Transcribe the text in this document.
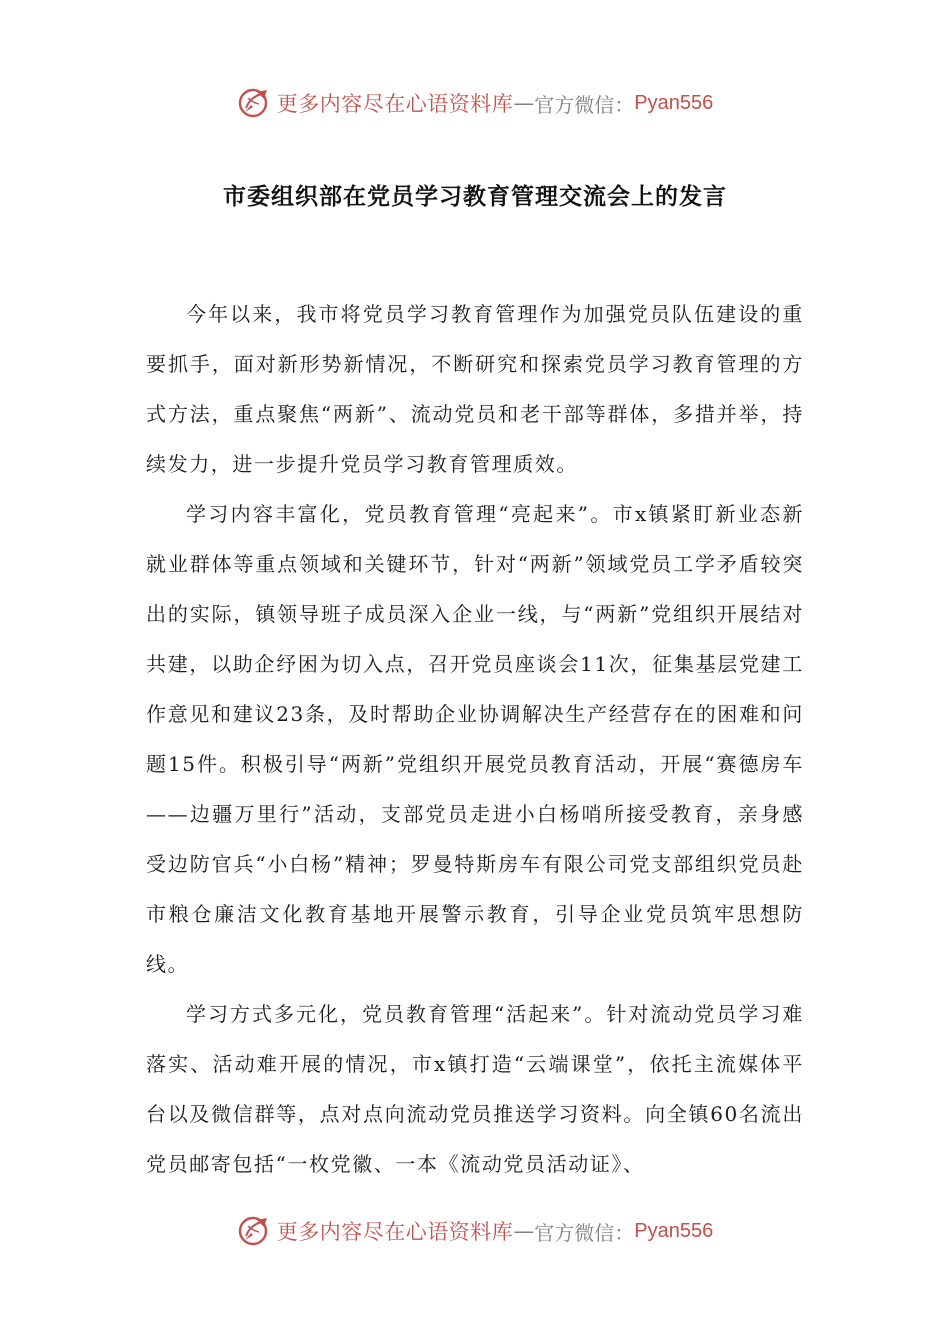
更多内容尽在心语资料库 — 官方微信： Pyan556
市委组织部在党员学习教育管理交流会上的发言

今年以来，我市将党员学习教育管理作为加强党员队伍建设的重要抓手，面对新形势新情况，不断研究和探索党员学习教育管理的方式方法，重点聚焦“两新”、流动党员和老干部等群体，多措并举，持续发力，进一步提升党员学习教育管理质效。

学习内容丰富化，党员教育管理“亮起来”。市x镇紧盯新业态新就业群体等重点领域和关键环节，针对“两新”领域党员工学矛盾较突出的实际，镇领导班子成员深入企业一线，与“两新”党组织开展结对共建，以助企纾困为切入点，召开党员座谈会11次，征集基层党建工作意见和建议23条，及时帮助企业协调解决生产经营存在的困难和问题15件。积极引导“两新”党组织开展党员教育活动，开展“赛德房车——边疆万里行”活动，支部党员走进小白杨哨所接受教育，亲身感受边防官兵“小白杨”精神；罗曼特斯房车有限公司党支部组织党员赴市粮仓廉洁文化教育基地开展警示教育，引导企业党员筑牢思想防线。

学习方式多元化，党员教育管理“活起来”。针对流动党员学习难落实、活动难开展的情况，市x镇打造“云端课堂”，依托主流媒体平台以及微信群等，点对点向流动党员推送学习资料。向全镇60名流出党员邮寄包括“一枚党徽、一本《流动党员活动证》、

更多内容尽在心语资料库 — 官方微信： Pyan556
